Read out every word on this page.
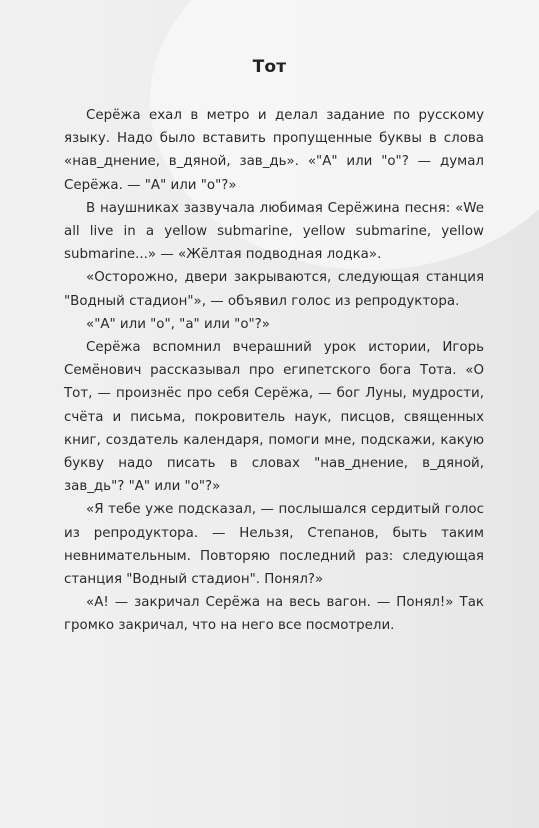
Тот

Серёжа ехал в метро и делал задание по русскому языку. Надо было вставить пропущенные буквы в слова «нав_днение, в_дяной, зав_дь». «"А" или "о"? — думал Серёжа. — "А" или "о"?»

В наушниках зазвучала любимая Серёжина песня: «We all live in a yellow submarine, yellow submarine, yellow submarine...» — «Жёлтая подводная лодка».

«Осторожно, двери закрываются, следующая станция "Водный стадион"», — объявил голос из репродуктора.

«"А" или "о", "а" или "о"?»

Серёжа вспомнил вчерашний урок истории, Игорь Семёнович рассказывал про египетского бога Тота. «О Тот, — произнёс про себя Серёжа, — бог Луны, мудрости, счёта и письма, покровитель наук, писцов, священных книг, создатель календаря, помоги мне, подскажи, какую букву надо писать в словах "нав_днение, в_дяной, зав_дь"? "А" или "о"?»

«Я тебе уже подсказал, — послышался сердитый голос из репродуктора. — Нельзя, Степанов, быть таким невнимательным. Повторяю последний раз: следующая станция "Водный стадион". Понял?»

«А! — закричал Серёжа на весь вагон. — Понял!» Так громко закричал, что на него все посмотрели.
